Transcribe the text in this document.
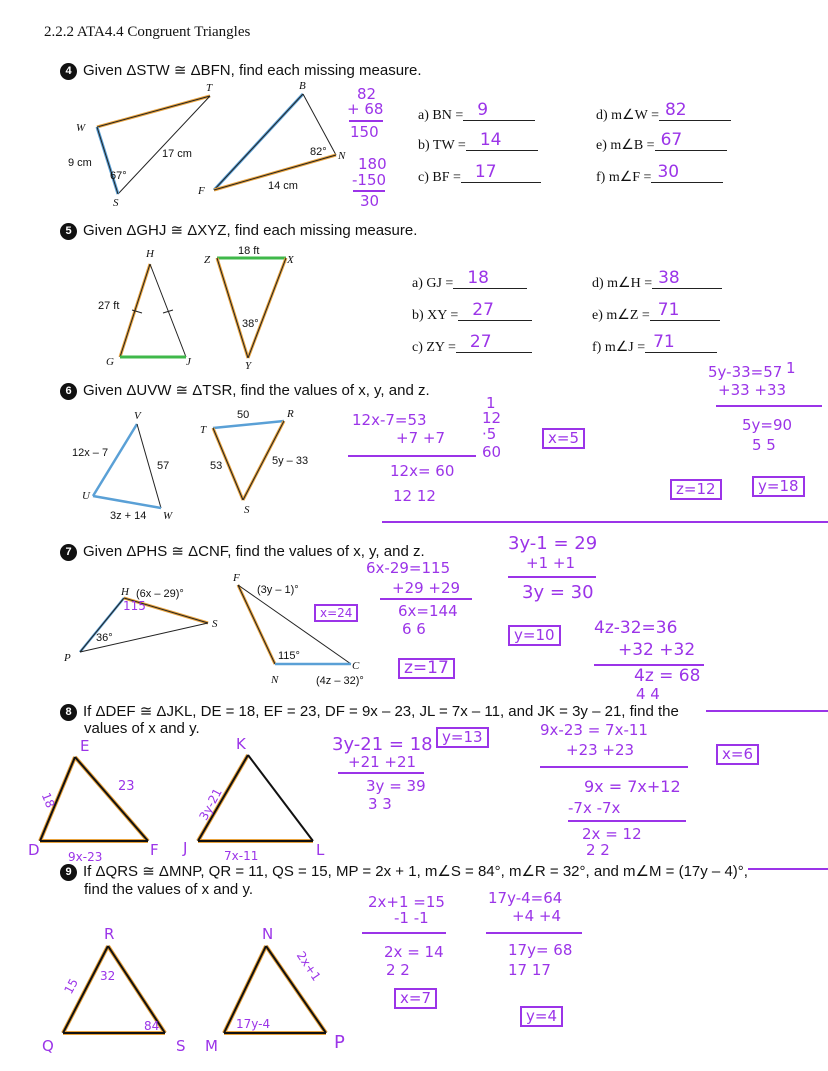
2.2.2 ATA4.4 Congruent Triangles
4 Given ΔSTW ≅ ΔBFN, find each missing measure.
T
W
S
B
N
F
17 cm
9 cm
67°
82°
14 cm
82
+ 68
150
180
-150
30
a) BN = 9
b) TW = 14
c) BF = 17
d) m∠W = 82
e) m∠B = 67
f) m∠F = 30
5 Given ΔGHJ ≅ ΔXYZ, find each missing measure.
H
G	J
Z	X
Y
27 ft
18 ft
38°
a) GJ = 18
b) XY = 27
c) ZY = 27
d) m∠H = 38
e) m∠Z = 71
f) m∠J = 71
6 Given ΔUVW ≅ ΔTSR, find the values of x, y, and z.
V
U
W
T
R
S
12x – 7
57
3z + 14
50
53	5y – 33
12x-7=53
+7 +7
12x= 60
12 12
1
12
·5
60
x=5
1
5y-33=57
+33 +33
5y=90
5 5
z=12	y=18
7 Given ΔPHS ≅ ΔCNF, find the values of x, y, and z.
H (6x – 29)°
115
P
36°
S
F
(3y – 1)°
N
115°
C
(4z – 32)°
6x-29=115
+29 +29
6x=144
6 6
x=24
3y-1 = 29
+1 +1
3y = 30
y=10	4z-32=36
+32 +32
4z = 68
4 4
z=17
8 If ΔDEF ≅ ΔJKL, DE = 18, EF = 23, DF = 9x – 23, JL = 7x – 11, and JK = 3y – 21, find the
values of x and y.
E
D	F
K
J	L
18
23
9x-23
3y-21
7x-11
3y-21 = 18
+21 +21
3y = 39
3 3
y=13	9x-23 = 7x-11
+23 +23
9x = 7x+12
-7x -7x
2x = 12
2 2
x=6
9 If ΔQRS ≅ ΔMNP, QR = 11, QS = 15, MP = 2x + 1, m∠S = 84°, m∠R = 32°, and m∠M = (17y – 4)°,
find the values of x and y.
R
Q	S
N
M	P
15
32
84
2x+1
17y-4
2x+1 =15
-1 -1
2x = 14
2 2
x=7
17y-4=64
+4 +4
17y= 68
17 17
y=4
